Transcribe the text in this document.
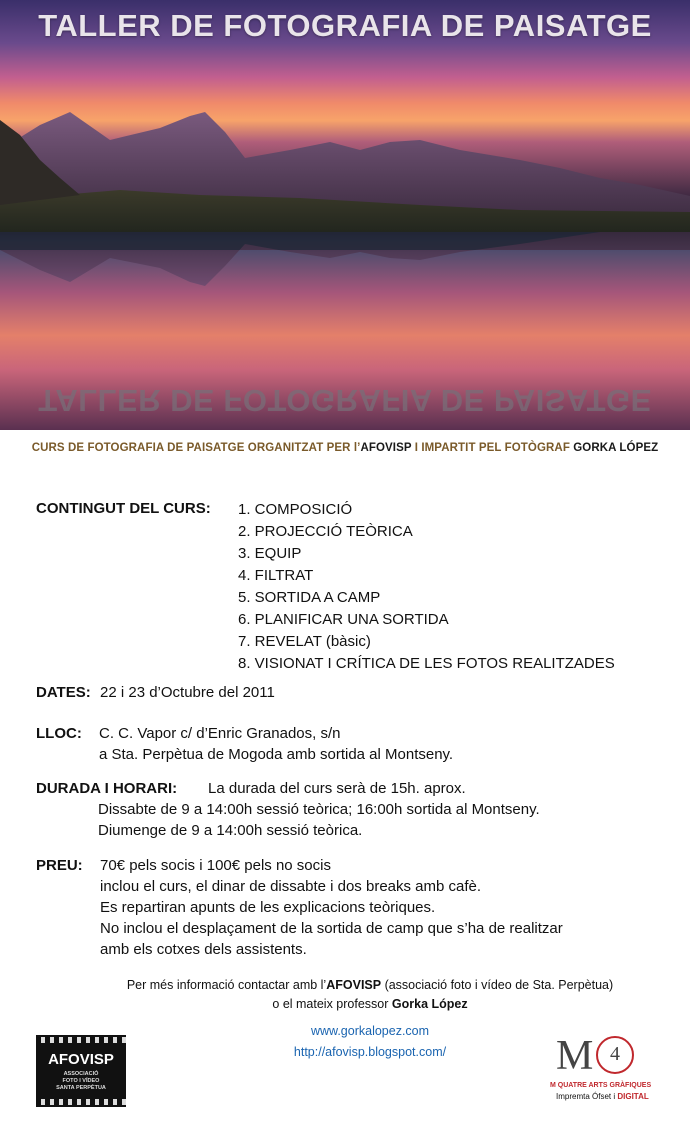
TALLER DE FOTOGRAFIA DE PAISATGE
TALLER DE FOTOGRAFIA DE PAISATGE
CURS DE FOTOGRAFIA DE PAISATGE ORGANITZAT PER l’AFOVISP I IMPARTIT PEL FOTÒGRAF GORKA LÓPEZ
CONTINGUT DEL CURS: 1. COMPOSICIÓ
2. PROJECCIÓ TEÒRICA
3. EQUIP
4. FILTRAT
5. SORTIDA A CAMP
6. PLANIFICAR UNA SORTIDA
7. REVELAT (bàsic)
8. VISIONAT I CRÍTICA DE LES FOTOS REALITZADES
DATES: 22 i 23 d’Octubre del 2011
LLOC: C. C. Vapor c/ d’Enric Granados, s/n
a Sta. Perpètua de Mogoda amb sortida al Montseny.
DURADA I HORARI: La durada del curs serà de 15h. aprox.
Dissabte de 9 a 14:00h sessió teòrica; 16:00h sortida al Montseny.
Diumenge de 9 a 14:00h sessió teòrica.
PREU: 70€ pels socis i 100€ pels no socis
inclou el curs, el dinar de dissabte i dos breaks amb cafè.
Es repartiran apunts de les explicacions teòriques.
No inclou el desplaçament de la sortida de camp que s’ha de realitzar
amb els cotxes dels assistents.
Per més informació contactar amb l’AFOVISP (associació foto i vídeo de Sta. Perpètua)
o el mateix professor Gorka López
www.gorkalopez.com
http://afovisp.blogspot.com/
AFOVISP
ASSOCIACIÓ
FOTO I VÍDEO
SANTA PERPÈTUA
M 4
M QUATRE ARTS GRÀFIQUES
Impremta Ófset i DIGITAL
